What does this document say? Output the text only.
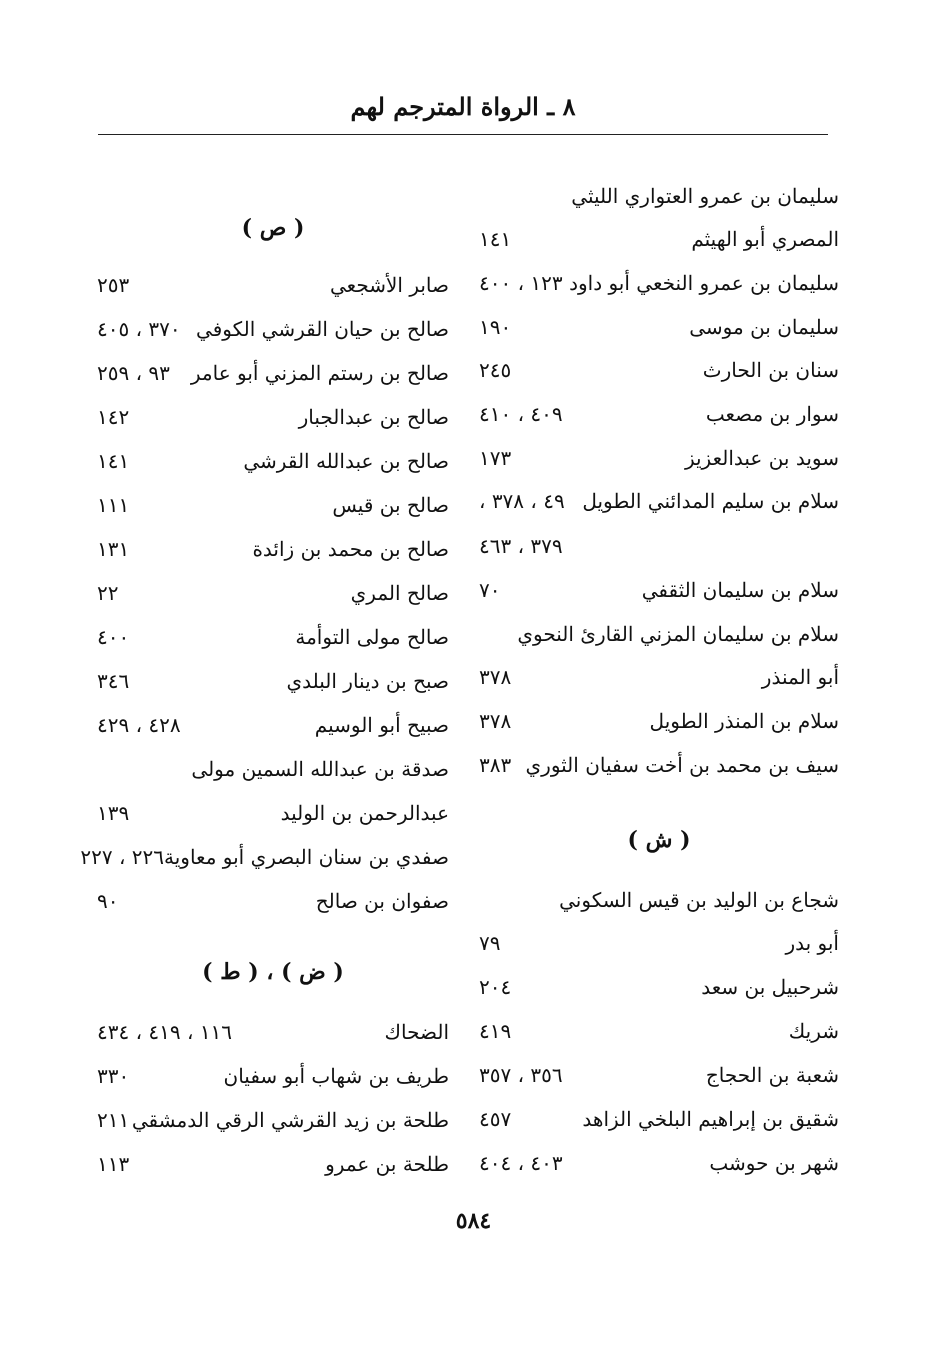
٨ ـ الرواة المترجم لهم
سليمان بن عمرو العتواري الليثي
المصري أبو الهيثم
١٤١
سليمان بن عمرو النخعي أبو داود
١٢٣ ، ٤٠٠
سليمان بن موسى
١٩٠
سنان بن الحارث
٢٤٥
سوار بن مصعب
٤٠٩ ، ٤١٠
سويد بن عبدالعزيز
١٧٣
سلام بن سليم المدائني الطويل
٤٩ ، ٣٧٨ ،
٣٧٩ ، ٤٦٣
سلام بن سليمان الثقفي
٧٠
سلام بن سليمان المزني القارئ النحوي
أبو المنذر
٣٧٨
سلام بن المنذر الطويل
٣٧٨
سيف بن محمد بن أخت سفيان الثوري
٣٨٣
( ش )
شجاع بن الوليد بن قيس السكوني
أبو بدر
٧٩
شرحبيل بن سعد
٢٠٤
شريك
٤١٩
شعبة بن الحجاج
٣٥٦ ، ٣٥٧
شقيق بن إبراهيم البلخي الزاهد
٤٥٧
شهر بن حوشب
٤٠٣ ، ٤٠٤
( ص )
صابر الأشجعي
٢٥٣
صالح بن حيان القرشي الكوفي
٣٧٠ ، ٤٠٥
صالح بن رستم المزني أبو عامر
٩٣ ، ٢٥٩
صالح بن عبدالجبار
١٤٢
صالح بن عبدالله القرشي
١٤١
صالح بن قيس
١١١
صالح بن محمد بن زائدة
١٣١
صالح المري
٢٢
صالح مولى التوأمة
٤٠٠
صبح بن دينار البلدي
٣٤٦
صبيح أبو الوسيم
٤٢٨ ، ٤٢٩
صدقة بن عبدالله السمين مولى
عبدالرحمن بن الوليد
١٣٩
صفدي بن سنان البصري أبو معاوية
٢٢٦ ، ٢٢٧
صفوان بن صالح
٩٠
( ض ) ، ( ط )
الضحاك
١١٦ ، ٤١٩ ، ٤٣٤
طريف بن شهاب أبو سفيان
٣٣٠
طلحة بن زيد القرشي الرقي الدمشقي
٢١١
طلحة بن عمرو
١١٣
٥٨٤
